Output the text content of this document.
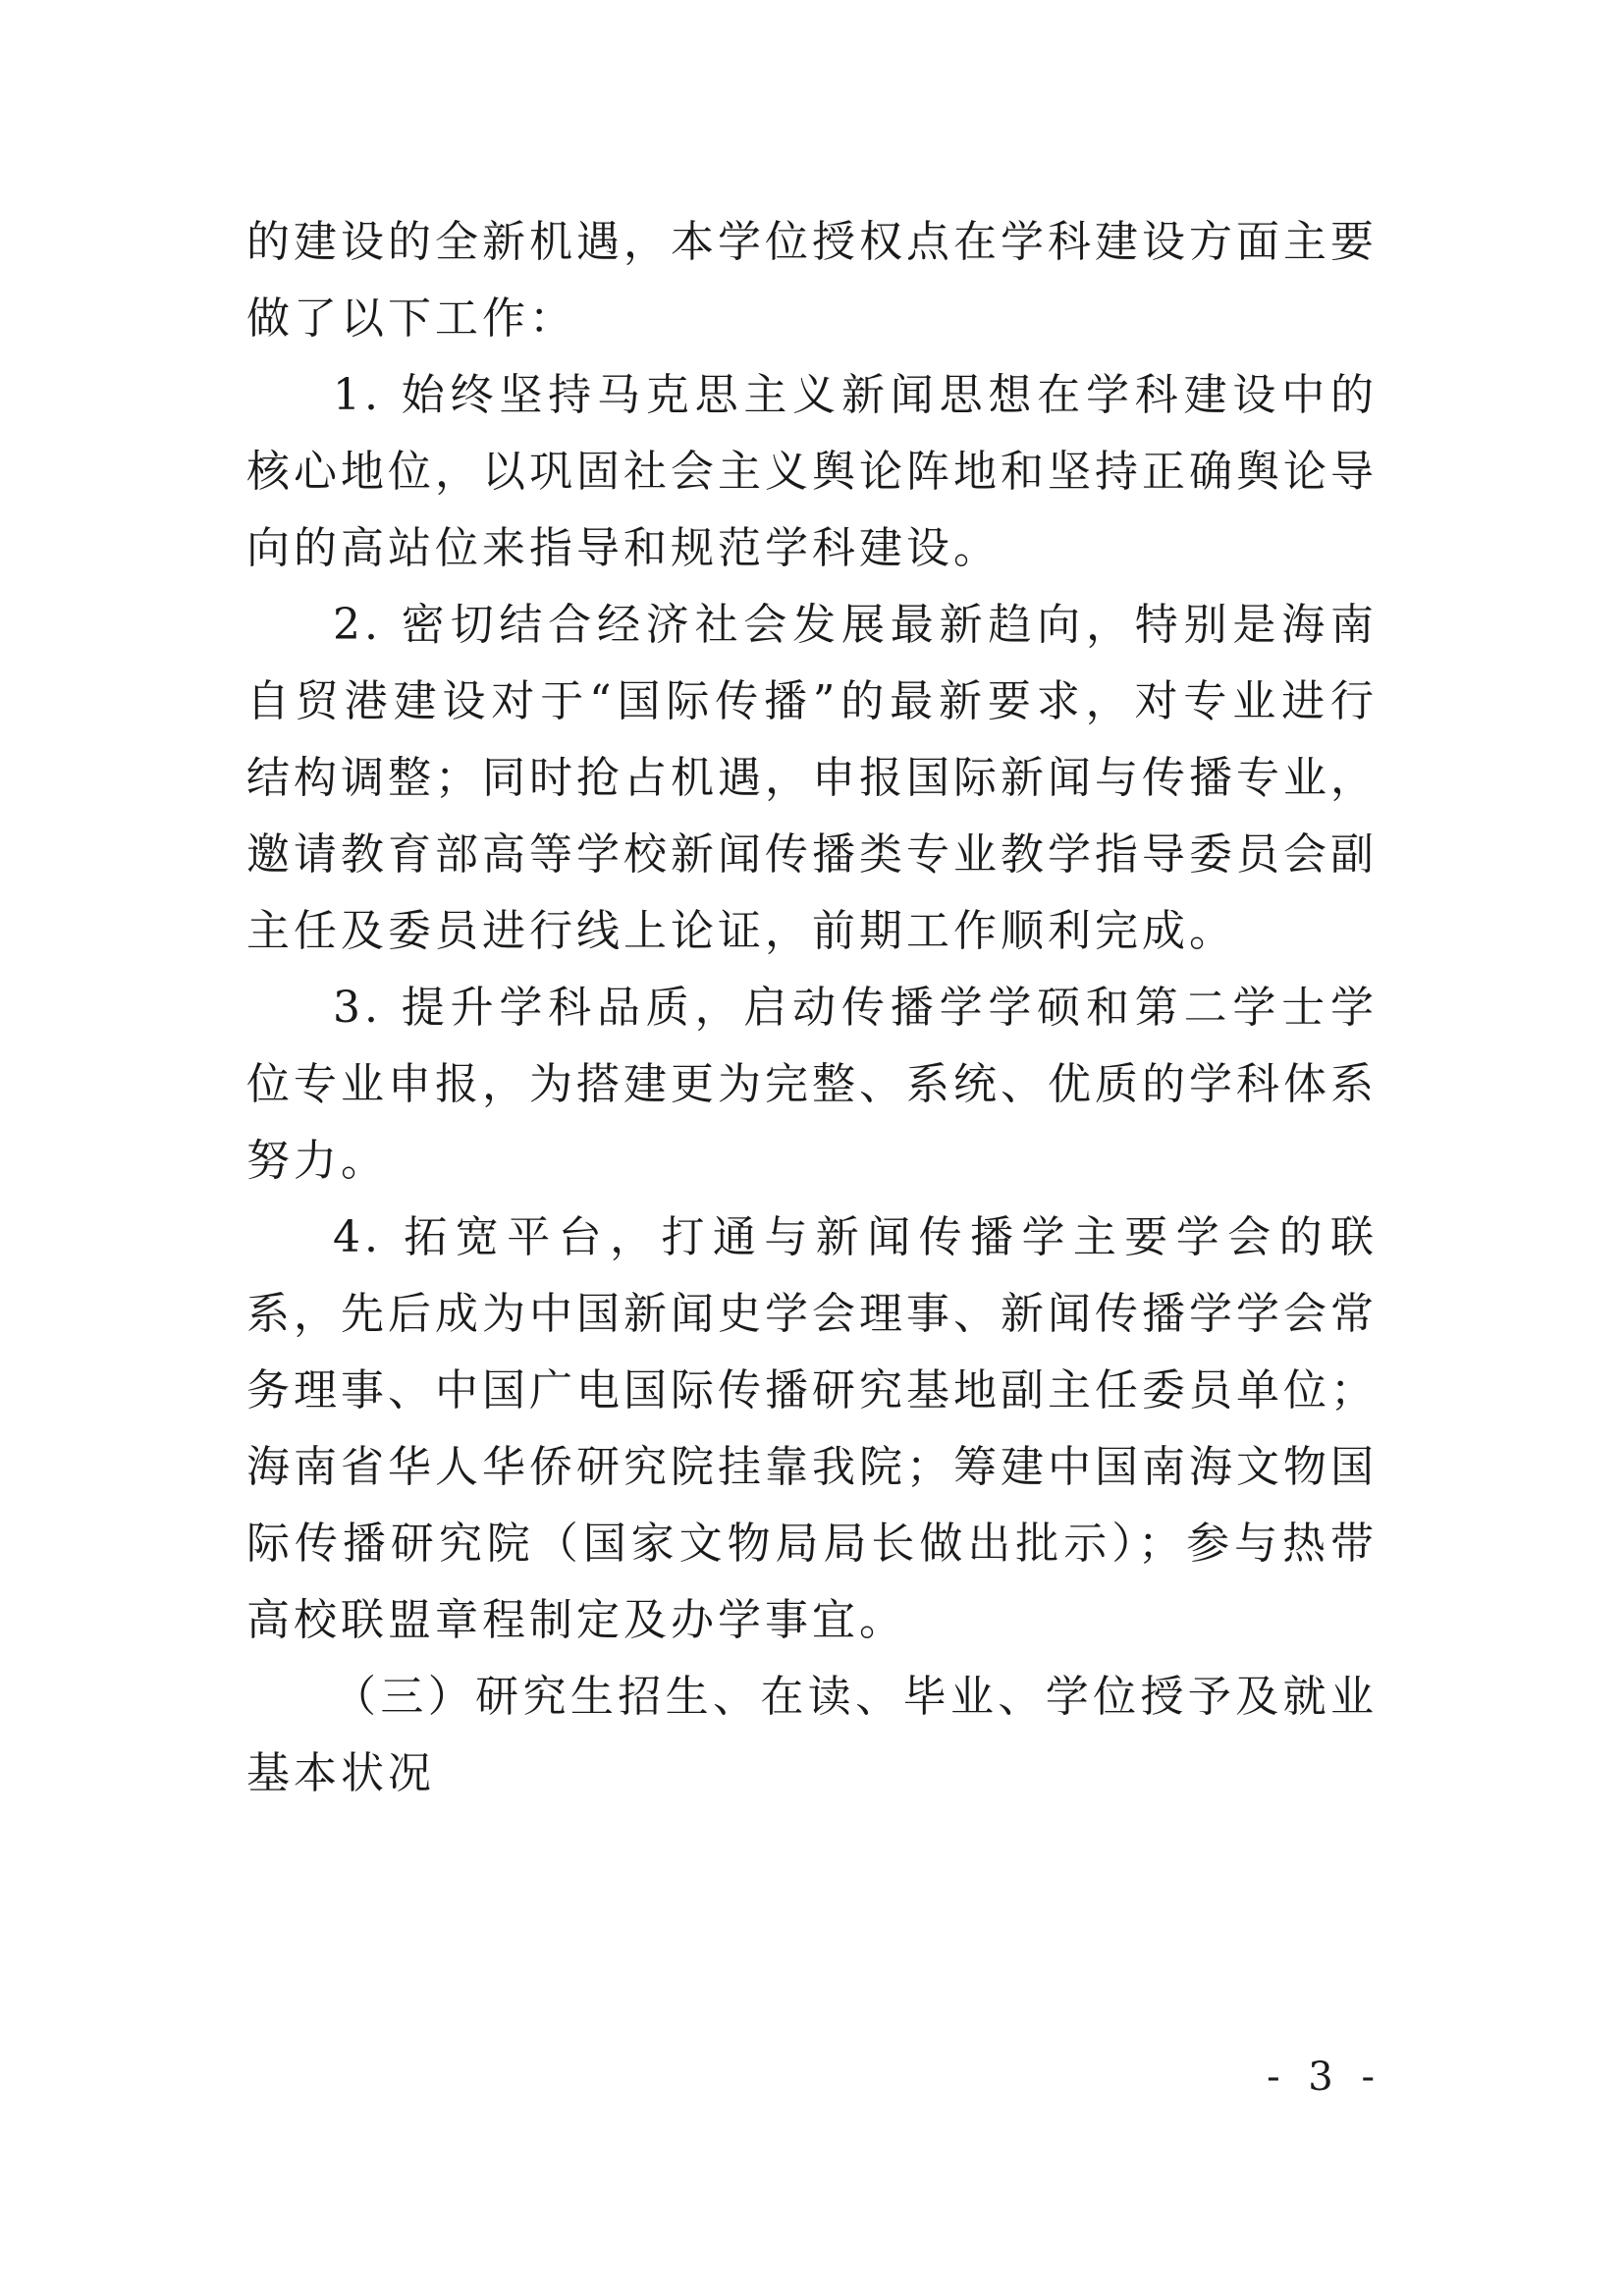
的建设的全新机遇，本学位授权点在学科建设方面主要做了以下工作：

1. 始终坚持马克思主义新闻思想在学科建设中的核心地位，以巩固社会主义舆论阵地和坚持正确舆论导向的高站位来指导和规范学科建设。

2. 密切结合经济社会发展最新趋向，特别是海南自贸港建设对于“国际传播”的最新要求，对专业进行结构调整；同时抢占机遇，申报国际新闻与传播专业，邀请教育部高等学校新闻传播类专业教学指导委员会副主任及委员进行线上论证，前期工作顺利完成。

3. 提升学科品质，启动传播学学硕和第二学士学位专业申报，为搭建更为完整、系统、优质的学科体系努力。

4. 拓宽平台，打通与新闻传播学主要学会的联系，先后成为中国新闻史学会理事、新闻传播学学会常务理事、中国广电国际传播研究基地副主任委员单位；海南省华人华侨研究院挂靠我院；筹建中国南海文物国际传播研究院（国家文物局局长做出批示）；参与热带高校联盟章程制定及办学事宜。

（三）研究生招生、在读、毕业、学位授予及就业基本状况

- 3 -
